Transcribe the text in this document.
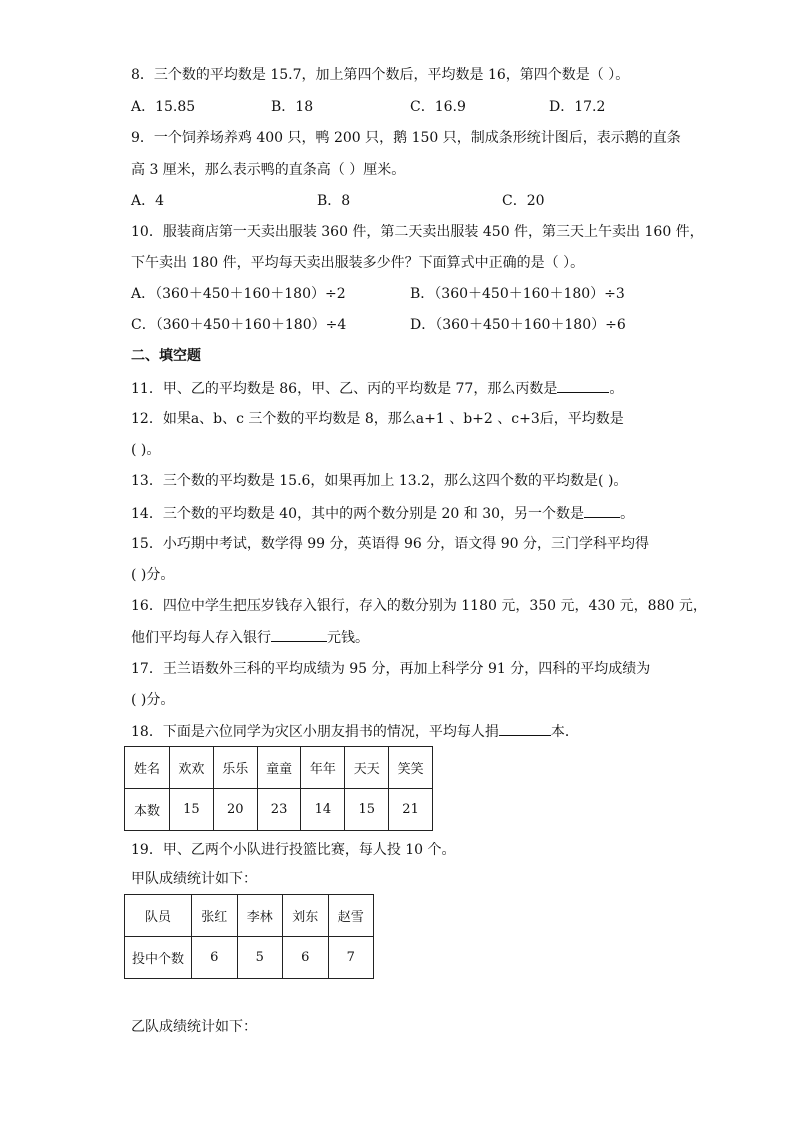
8．三个数的平均数是 15.7，加上第四个数后，平均数是 16，第四个数是（ ）。
A．15.85	B．18	C．16.9	D．17.2
9．一个饲养场养鸡 400 只，鸭 200 只，鹅 150 只，制成条形统计图后，表示鹅的直条
高 3 厘米，那么表示鸭的直条高（ ）厘米。
A．4	B．8	C．20
10．服装商店第一天卖出服装 360 件，第二天卖出服装 450 件，第三天上午卖出 160 件，
下午卖出 180 件，平均每天卖出服装多少件？下面算式中正确的是（ ）。
A．（360＋450＋160＋180）÷2	B．（360＋450＋160＋180）÷3
C．（360＋450＋160＋180）÷4	D．（360＋450＋160＋180）÷6
二、填空题
11．甲、乙的平均数是 86，甲、乙、丙的平均数是 77，那么丙数是	。
12．如果a、b、c 三个数的平均数是 8，那么a+1 、b+2 、c+3后，平均数是
( )。
13．三个数的平均数是 15.6，如果再加上 13.2，那么这四个数的平均数是( )。
14．三个数的平均数是 40，其中的两个数分别是 20 和 30，另一个数是	。
15．小巧期中考试，数学得 99 分，英语得 96 分，语文得 90 分，三门学科平均得
( )分。
16．四位中学生把压岁钱存入银行，存入的数分别为 1180 元，350 元，430 元，880 元，
他们平均每人存入银行	元钱。
17．王兰语数外三科的平均成绩为 95 分，再加上科学分 91 分，四科的平均成绩为
( )分。
18．下面是六位同学为灾区小朋友捐书的情况，平均每人捐	本．
姓名	欢欢	乐乐	童童	年年	天天	笑笑
本数	15	20	23	14	15	21
19．甲、乙两个小队进行投篮比赛，每人投 10 个。
甲队成绩统计如下：
队员	张红	李林	刘东	赵雪
投中个数	6	5	6	7
乙队成绩统计如下：
